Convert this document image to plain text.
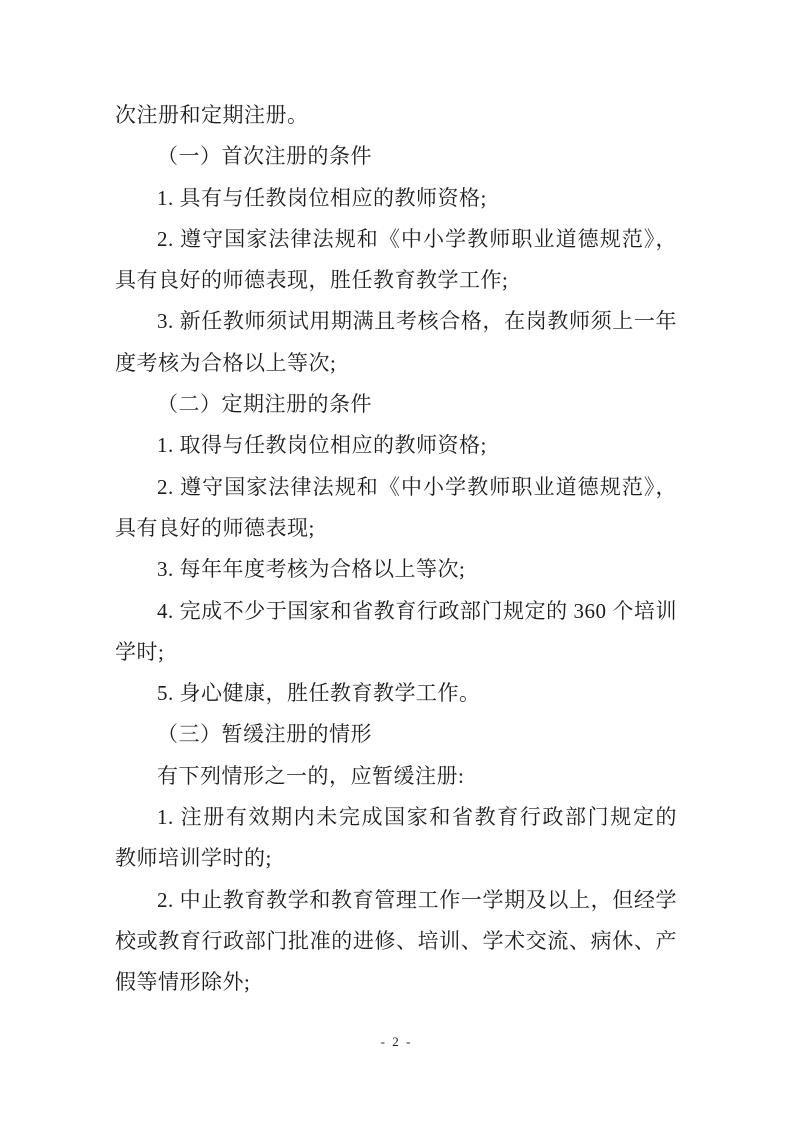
次注册和定期注册。
（一）首次注册的条件
1. 具有与任教岗位相应的教师资格;
2. 遵守国家法律法规和《中小学教师职业道德规范》，
具有良好的师德表现，胜任教育教学工作;
3. 新任教师须试用期满且考核合格，在岗教师须上一年
度考核为合格以上等次;
（二）定期注册的条件
1. 取得与任教岗位相应的教师资格;
2. 遵守国家法律法规和《中小学教师职业道德规范》，
具有良好的师德表现;
3. 每年年度考核为合格以上等次;
4. 完成不少于国家和省教育行政部门规定的 360 个培训
学时;
5. 身心健康，胜任教育教学工作。
（三）暂缓注册的情形
有下列情形之一的，应暂缓注册:
1. 注册有效期内未完成国家和省教育行政部门规定的
教师培训学时的;
2. 中止教育教学和教育管理工作一学期及以上，但经学
校或教育行政部门批准的进修、培训、学术交流、病休、产
假等情形除外;
- 2 -
